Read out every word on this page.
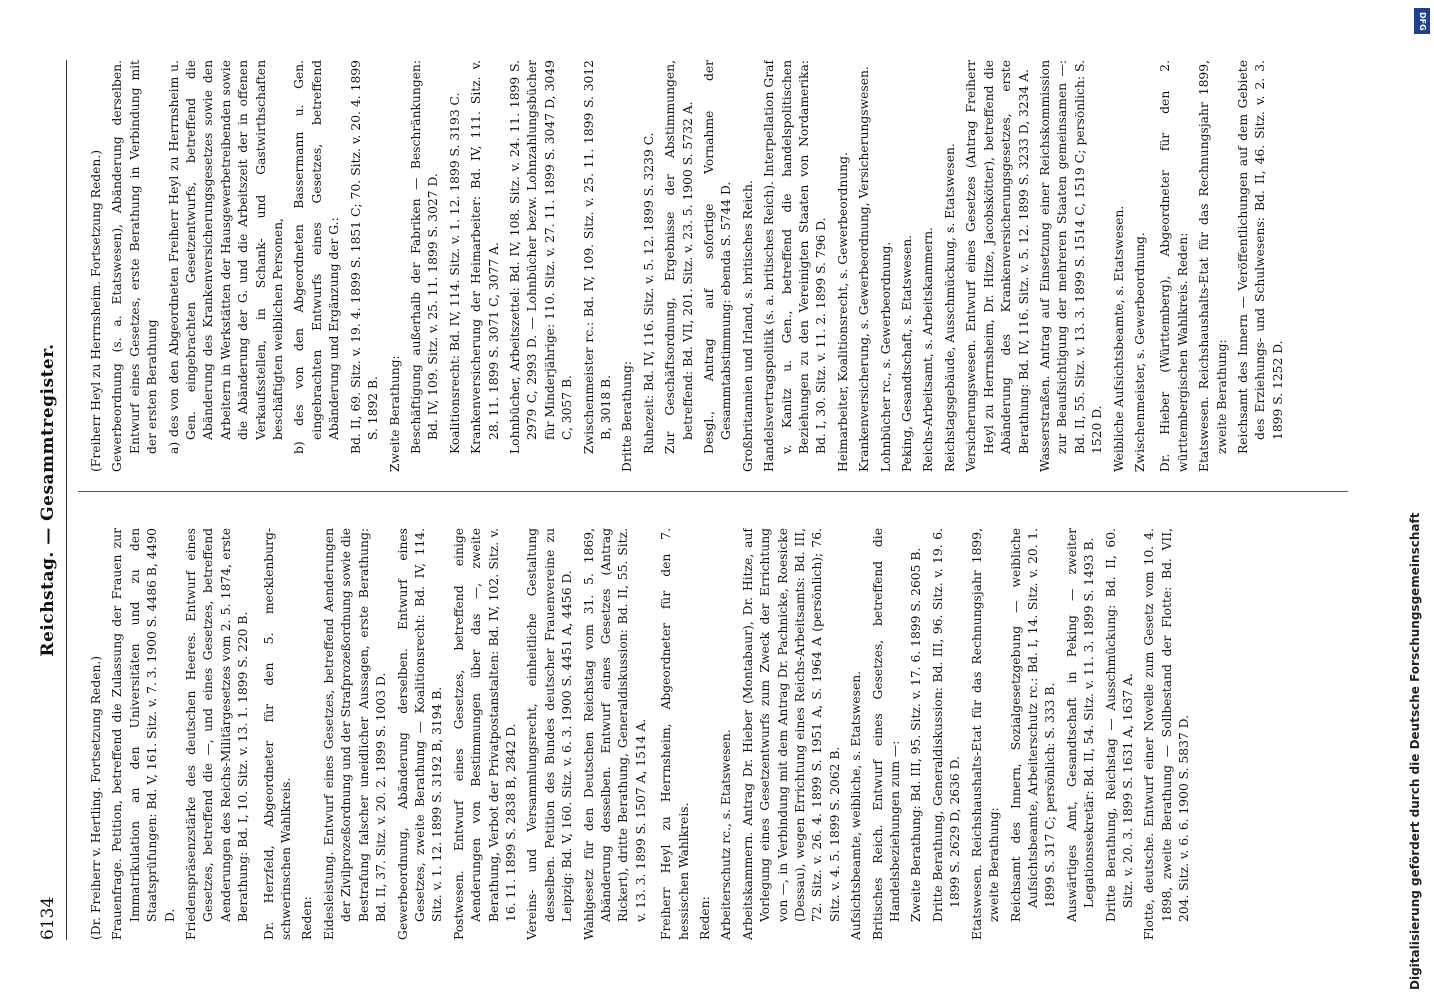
6134
Reichstag. — Gesammtregister.

(Dr. Freiherr v. Hertling. Fortsetzung Reden.) Frauenfrage. Petition, betreffend die Zulassung der Frauen zur Immatrikulation an den Universitäten und zu den Staatsprüfungen: Bd. V, 161. Sitz. v. 7. 3. 1900 S. 4486 B, 4490 D. Friedenspräsenzstärke des deutschen Heeres. Entwurf eines Gesetzes, betreffend die —, und eines Gesetzes, betreffend Aenderungen des Reichs-Militärgesetzes vom 2. 5. 1874, erste Berathung: Bd. I, 10. Sitz. v. 13. 1. 1899 S. 220 B. Dr. Herzfeld, Abgeordneter für den 5. mecklenburg-schwerinschen Wahlkreis. Reden: Eidesleistung. Entwurf eines Gesetzes, betreffend Aenderungen der Zivilprozeßordnung und der Strafprozeßordnung sowie die Bestrafung falscher uneidlicher Aussagen, erste Berathung: Bd. II, 37. Sitz. v. 20. 2. 1899 S. 1003 D. Gewerbeordnung, Abänderung derselben. Entwurf eines Gesetzes, zweite Berathung — Koalitionsrecht: Bd. IV, 114. Sitz. v. 1. 12. 1899 S. 3192 B, 3194 B. Postwesen. Entwurf eines Gesetzes, betreffend einige Aenderungen von Bestimmungen über das —, zweite Berathung, Verbot der Privatpostanstalten: Bd. IV, 102. Sitz. v. 16. 11. 1899 S. 2838 B, 2842 D. Vereins- und Versammlungsrecht, einheitliche Gestaltung desselben. Petition des Bundes deutscher Frauenvereine zu Leipzig: Bd. V, 160. Sitz. v. 6. 3. 1900 S. 4451 A, 4456 D. Wahlgesetz für den Deutschen Reichstag vom 31. 5. 1869, Abänderung desselben. Entwurf eines Gesetzes (Antrag Rickert), dritte Berathung, Generaldiskussion: Bd. II, 55. Sitz. v. 13. 3. 1899 S. 1507 A, 1514 A. Freiherr Heyl zu Herrnsheim, Abgeordneter für den 7. hessischen Wahlkreis. Reden: Arbeiterschutz rc., s. Etatswesen. Arbeitskammern. Antrag Dr. Hieber (Montabaur), Dr. Hitze, auf Vorlegung eines Gesetzentwurfs zum Zweck der Errichtung von —, in Verbindung mit dem Antrag Dr. Pachnicke, Roesicke (Dessau), wegen Errichtung eines Reichs-Arbeitsamts: Bd. III, 72. Sitz. v. 26. 4. 1899 S. 1951 A, S. 1964 A (persönlich); 76. Sitz. v. 4. 5. 1899 S. 2062 B. Aufsichtsbeamte, weibliche, s. Etatswesen. Britisches Reich. Entwurf eines Gesetzes, betreffend die Handelsbeziehungen zum —: Zweite Berathung: Bd. III, 95. Sitz. v. 17. 6. 1899 S. 2605 B. Dritte Berathung, Generaldiskussion: Bd. III, 96. Sitz. v. 19. 6. 1899 S. 2629 D, 2636 D. Etatswesen. Reichshaushalts-Etat für das Rechnungsjahr 1899, zweite Berathung: Reichsamt des Innern, Sozialgesetzgebung — weibliche Aufsichtsbeamte, Arbeiterschutz rc.: Bd. I, 14. Sitz. v. 20. 1. 1899 S. 317 C; persönlich: S. 333 B. Auswärtiges Amt, Gesandtschaft in Peking — zweiter Legationssekretär: Bd. II, 54. Sitz. v. 11. 3. 1899 S. 1493 B. Dritte Berathung, Reichstag — Ausschmückung: Bd. II, 60. Sitz. v. 20. 3. 1899 S. 1631 A, 1637 A. Flotte, deutsche. Entwurf einer Novelle zum Gesetz vom 10. 4. 1898, zweite Berathung — Sollbestand der Flotte: Bd. VII, 204. Sitz. v. 6. 6. 1900 S. 5837 D.

(Freiherr Heyl zu Herrnsheim. Fortsetzung Reden.) Gewerbeordnung (s. a. Etatswesen), Abänderung derselben. Entwurf eines Gesetzes, erste Berathung in Verbindung mit der ersten Berathung a) des von den Abgeordneten Freiherr Heyl zu Herrnsheim u. Gen. eingebrachten Gesetzentwurfs, betreffend die Abänderung des Krankenversicherungsgesetzes sowie den Arbeitern in Werkstätten der Hausgewerbetreibenden sowie die Abänderung der G. und die Arbeitszeit der in offenen Verkaufsstellen, in Schank- und Gastwirthschaften beschäftigten weiblichen Personen, b) des von den Abgeordneten Bassermann u. Gen. eingebrachten Entwurfs eines Gesetzes, betreffend Abänderung und Ergänzung der G.: Bd. II, 69. Sitz. v. 19. 4. 1899 S. 1851 C; 70. Sitz. v. 20. 4. 1899 S. 1892 B. Zweite Berathung: Beschäftigung außerhalb der Fabriken — Beschränkungen: Bd. IV, 109. Sitz. v. 25. 11. 1899 S. 3027 D. Koalitionsrecht: Bd. IV, 114. Sitz. v. 1. 12. 1899 S. 3193 C. Krankenversicherung der Heimarbeiter: Bd. IV, 111. Sitz. v. 28. 11. 1899 S. 3071 C, 3077 A. Lohnbücher, Arbeitszettel: Bd. IV, 108. Sitz. v. 24. 11. 1899 S. 2979 C, 2993 D. — Lohnbücher bezw. Lohnzahlungsbücher für Minderjährige: 110. Sitz. v. 27. 11. 1899 S. 3047 D, 3049 C, 3057 B. Zwischenmeister rc.: Bd. IV, 109. Sitz. v. 25. 11. 1899 S. 3012 B, 3018 B. Dritte Berathung: Ruhezeit: Bd. IV, 116. Sitz. v. 5. 12. 1899 S. 3239 C. Zur Geschäftsordnung, Ergebnisse der Abstimmungen, betreffend: Bd. VII, 201. Sitz. v. 23. 5. 1900 S. 5732 A. Desgl., Antrag auf sofortige Vornahme der Gesammtabstimmung: ebenda S. 5744 D. Großbritannien und Irland, s. britisches Reich. Handelsvertragspolitik (s. a. britisches Reich). Interpellation Graf v. Kanitz u. Gen., betreffend die handelspolitischen Beziehungen zu den Vereinigten Staaten von Nordamerika: Bd. I, 30. Sitz. v. 11. 2. 1899 S. 796 D. Heimarbeiter, Koalitionsrecht, s. Gewerbeordnung. Krankenversicherung, s. Gewerbeordnung, Versicherungswesen. Lohnbücher rc., s. Gewerbeordnung. Peking, Gesandtschaft, s. Etatswesen. Reichs-Arbeitsamt, s. Arbeitskammern. Reichstagsgebäude, Ausschmückung, s. Etatswesen. Versicherungswesen. Entwurf eines Gesetzes (Antrag Freiherr Heyl zu Herrnsheim, Dr. Hitze, Jacobskötter), betreffend die Abänderung des Krankenversicherungsgesetzes, erste Berathung: Bd. IV, 116. Sitz. v. 5. 12. 1899 S. 3233 D, 3234 A. Wasserstraßen. Antrag auf Einsetzung einer Reichskommission zur Beaufsichtigung der mehreren Staaten gemeinsamen —: Bd. II, 55. Sitz. v. 13. 3. 1899 S. 1514 C, 1519 C; persönlich: S. 1520 D. Weibliche Aufsichtsbeamte, s. Etatswesen. Zwischenmeister, s. Gewerbeordnung. Dr. Hieber (Württemberg), Abgeordneter für den 2. württembergischen Wahlkreis. Reden: Etatswesen. Reichshaushalts-Etat für das Rechnungsjahr 1899, zweite Berathung: Reichsamt des Innern — Veröffentlichungen auf dem Gebiete des Erziehungs- und Schulwesens: Bd. II, 46. Sitz. v. 2. 3. 1899 S. 1252 D.

Digitalisierung gefördert durch die Deutsche Forschungsgemeinschaft
DFG
